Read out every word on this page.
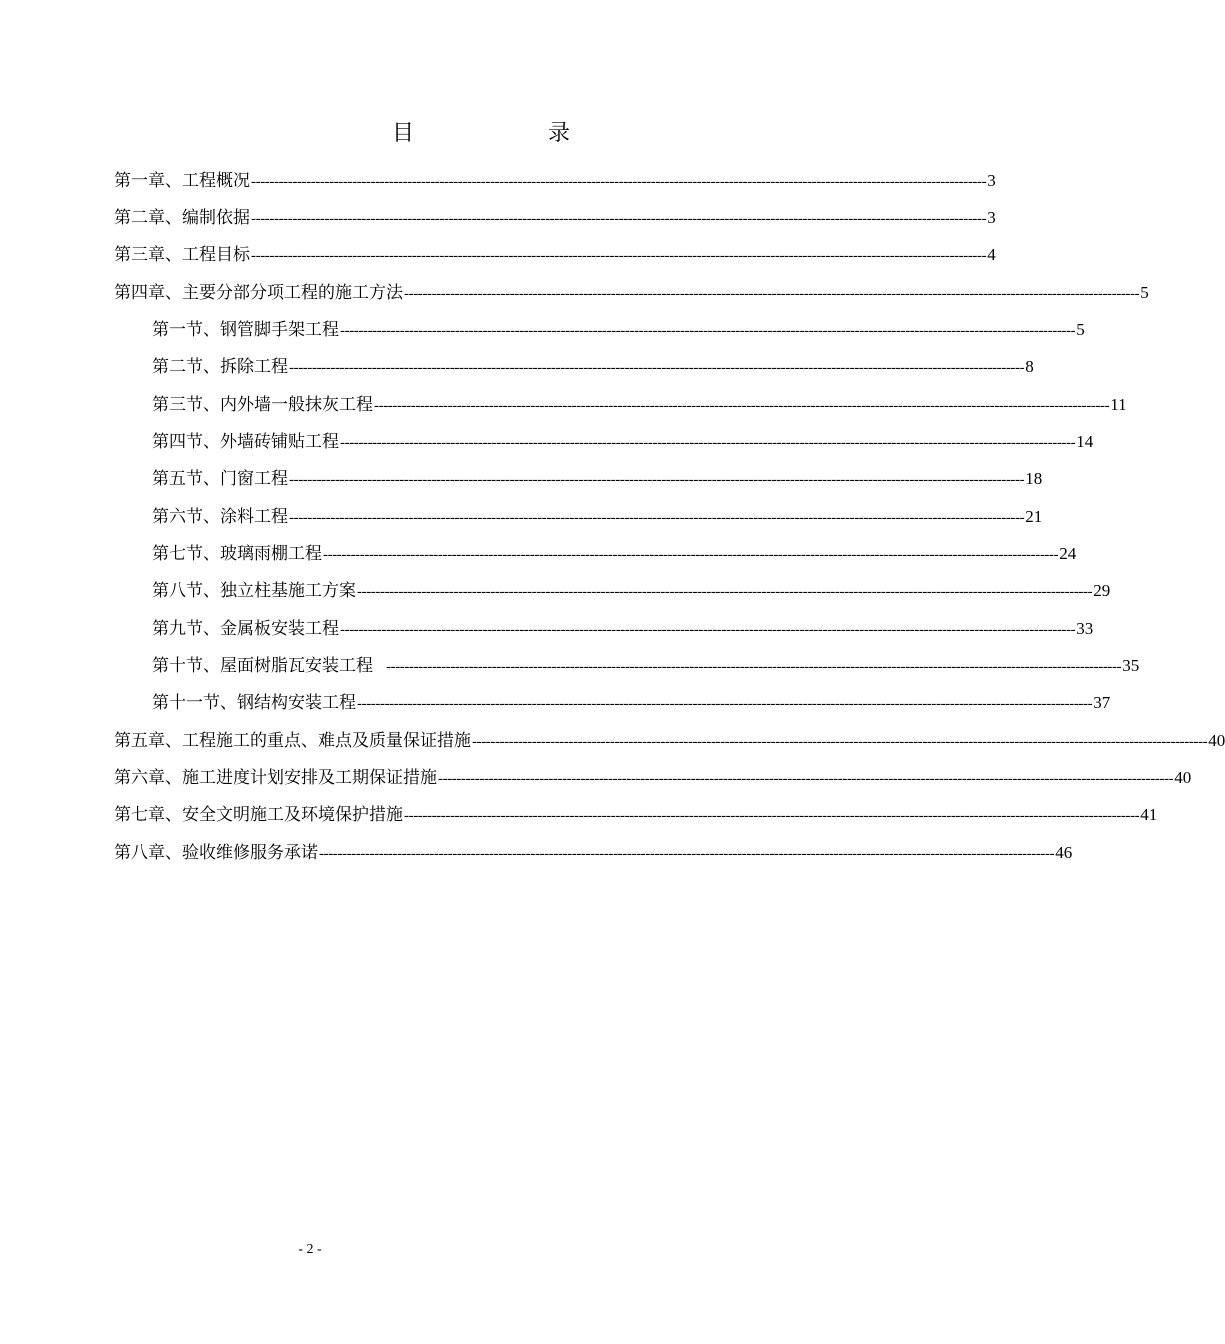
目	录
第一章、工程概况 ---------------------------------------------------------------------------------------------------------------------------------------------------------------- 3
第二章、编制依据 ---------------------------------------------------------------------------------------------------------------------------------------------------------------- 3
第三章、工程目标 ---------------------------------------------------------------------------------------------------------------------------------------------------------------- 4
第四章、主要分部分项工程的施工方法 ---------------------------------------------------------------------------------------------------------------------------------------------------------------- 5
第一节、钢管脚手架工程 ---------------------------------------------------------------------------------------------------------------------------------------------------------------- 5
第二节、拆除工程 ---------------------------------------------------------------------------------------------------------------------------------------------------------------- 8
第三节、内外墙一般抹灰工程 ---------------------------------------------------------------------------------------------------------------------------------------------------------------- 11
第四节、外墙砖铺贴工程 ---------------------------------------------------------------------------------------------------------------------------------------------------------------- 14
第五节、门窗工程 ---------------------------------------------------------------------------------------------------------------------------------------------------------------- 18
第六节、涂料工程 ---------------------------------------------------------------------------------------------------------------------------------------------------------------- 21
第七节、玻璃雨棚工程 ---------------------------------------------------------------------------------------------------------------------------------------------------------------- 24
第八节、独立柱基施工方案 ---------------------------------------------------------------------------------------------------------------------------------------------------------------- 29
第九节、金属板安装工程 ---------------------------------------------------------------------------------------------------------------------------------------------------------------- 33
第十节、屋面树脂瓦安装工程 ---------------------------------------------------------------------------------------------------------------------------------------------------------------- 35
第十一节、钢结构安装工程 ---------------------------------------------------------------------------------------------------------------------------------------------------------------- 37
第五章、工程施工的重点、难点及质量保证措施 ---------------------------------------------------------------------------------------------------------------------------------------------------------------- 40
第六章、施工进度计划安排及工期保证措施 ---------------------------------------------------------------------------------------------------------------------------------------------------------------- 40
第七章、安全文明施工及环境保护措施 ---------------------------------------------------------------------------------------------------------------------------------------------------------------- 41
第八章、验收维修服务承诺 ---------------------------------------------------------------------------------------------------------------------------------------------------------------- 46
- 2 -
